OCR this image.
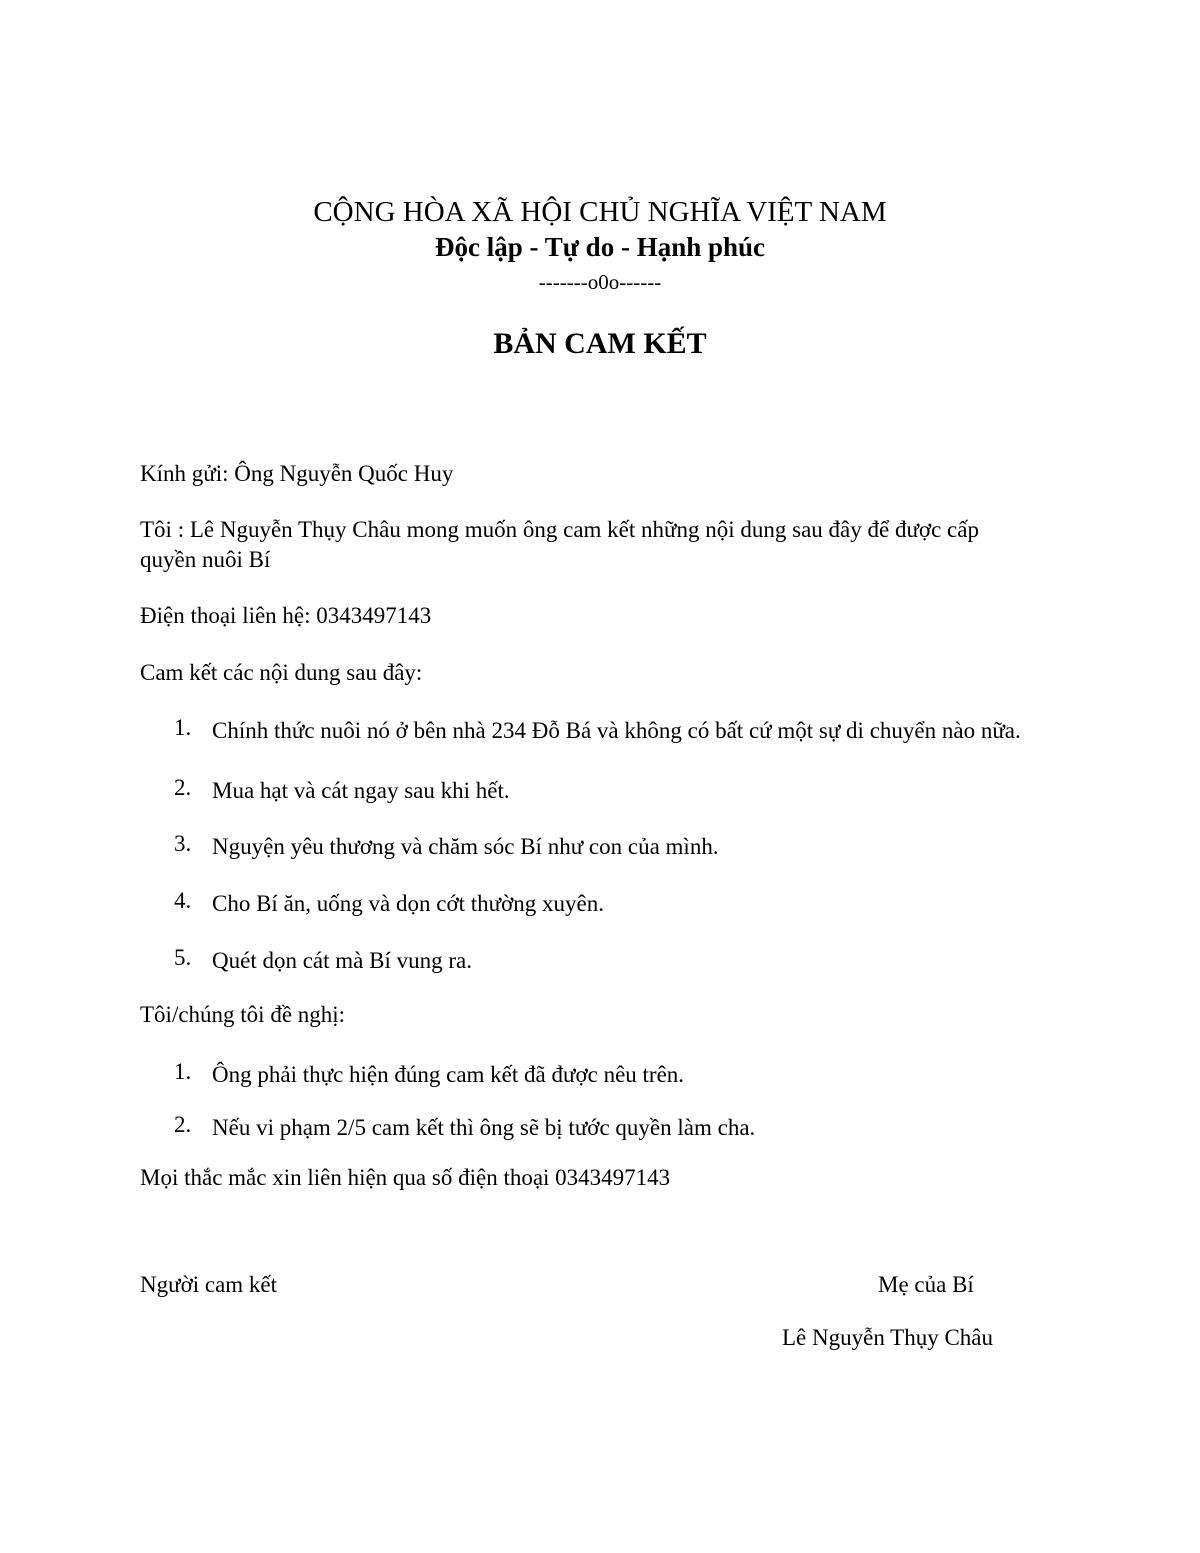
CỘNG HÒA XÃ HỘI CHỦ NGHĨA VIỆT NAM
Độc lập - Tự do - Hạnh phúc
-------o0o------
BẢN CAM KẾT
Kính gửi: Ông Nguyễn Quốc Huy
Tôi : Lê Nguyễn Thụy Châu mong muốn ông cam kết những nội dung sau đây để được cấp quyền nuôi Bí
Điện thoại liên hệ: 0343497143
Cam kết các nội dung sau đây:
1. Chính thức nuôi nó ở bên nhà 234 Đỗ Bá và không có bất cứ một sự di chuyển nào nữa.
2. Mua hạt và cát ngay sau khi hết.
3. Nguyện yêu thương và chăm sóc Bí như con của mình.
4. Cho Bí ăn, uống và dọn cớt thường xuyên.
5. Quét dọn cát mà Bí vung ra.
Tôi/chúng tôi đề nghị:
1. Ông phải thực hiện đúng cam kết đã được nêu trên.
2. Nếu vi phạm 2/5 cam kết thì ông sẽ bị tước quyền làm cha.
Mọi thắc mắc xin liên hiện qua số điện thoại 0343497143
Người cam kết	Mẹ của Bí
Lê Nguyễn Thụy Châu
